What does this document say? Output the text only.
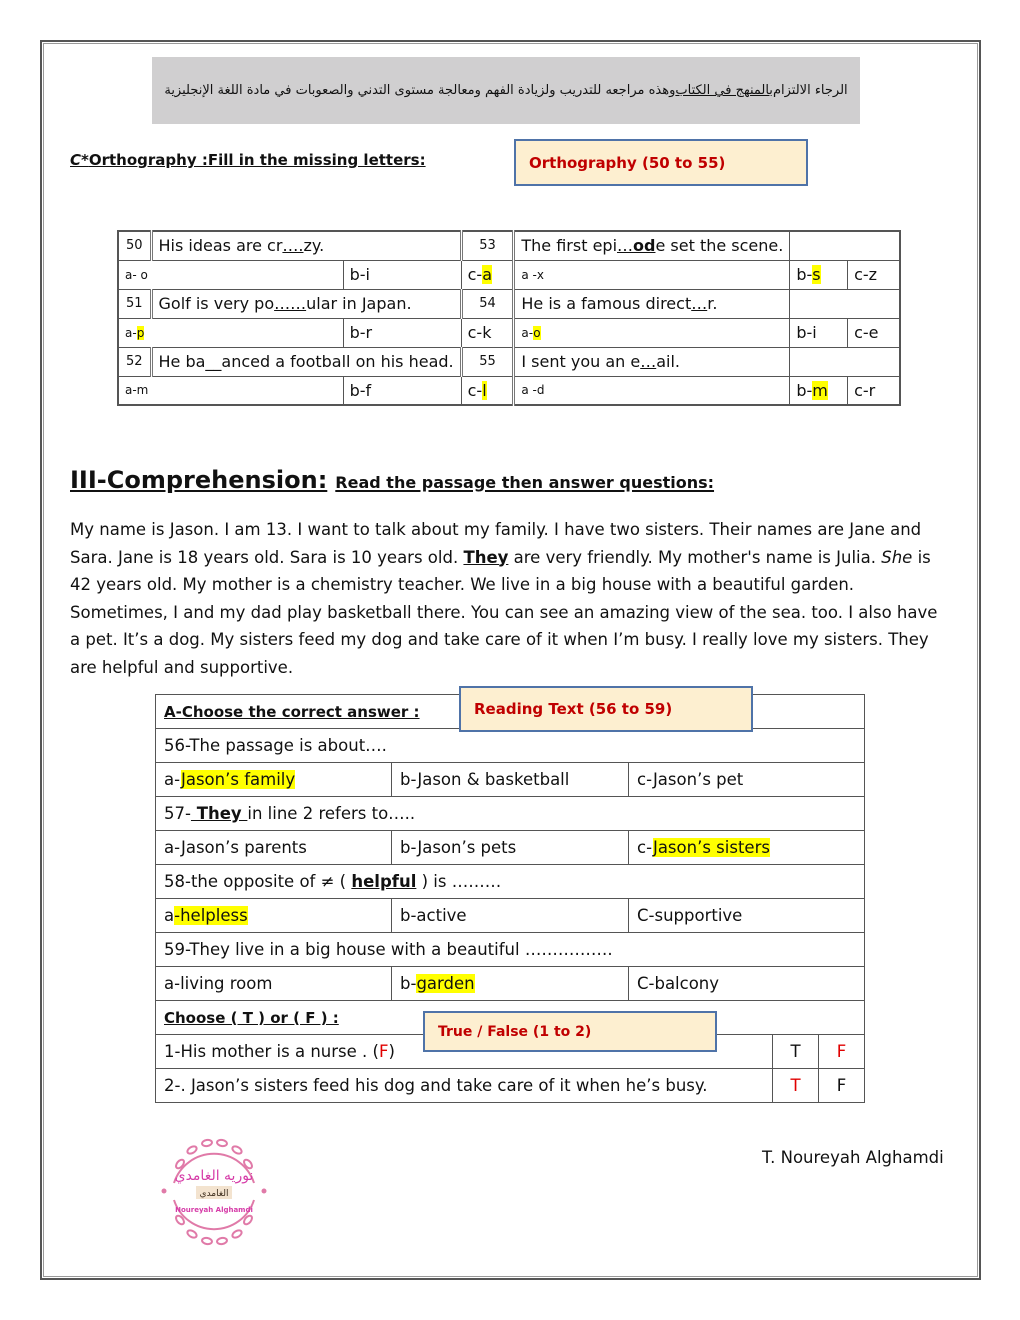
الرجاء الالتزام
بالمنهج في الكتاب
وهذه مراجعه للتدريب ولزيادة الفهم ومعالجة مستوى التدني والصعوبات في مادة اللغة الإنجليزية
C*Orthography :Fill in the missing letters:	Orthography (50 to 55)
50	His ideas are cr….zy.		53	The first epi…ode set the scene.		
a- o		b-i	c-a	a -x	b-s	c-z
51	Golf is very po……ular in Japan.		54	He is a famous direct…r.		
a-p		b-r	c-k	a-o	b-i	c-e
52	He ba__anced a football on his head.		55	I sent you an e…ail.		
a-m		b-f	c-l	a -d	b-m	c-r
III-Comprehension: Read the passage then answer questions:
My name is Jason. I am 13. I want to talk about my family. I have two sisters. Their names are Jane and Sara. Jane is 18 years old. Sara is 10 years old. They are very friendly. My mother's name is Julia. She is 42 years old. My mother is a chemistry teacher. We live in a big house with a beautiful garden. Sometimes, I and my dad play basketball there. You can see an amazing view of the sea. too. I also have a pet. It’s a dog. My sisters feed my dog and take care of it when I’m busy. I really love my sisters. They are helpful and supportive.
A-Choose the correct answer :				
56-The passage is about….				
a-Jason’s family	b-Jason & basketball	c-Jason’s pet		
57- They in line 2 refers to…..				
a-Jason’s parents	b-Jason’s pets	c-Jason’s sisters		
58-the opposite of ≠ ( helpful ) is ………				
a-helpless	b-active	C-supportive		
59-They live in a big house with a beautiful …………….				
a-living room	b-garden	C-balcony		
Choose ( T ) or ( F ) :				
1-His mother is a nurse . (F)			T	F
2-. Jason’s sisters feed his dog and take care of it when he’s busy.			T	F
Reading Text (56 to 59)
True / False (1 to 2)
نوريه الغامدي
الغامدي
Noureyah Alghamdi
T. Noureyah Alghamdi
